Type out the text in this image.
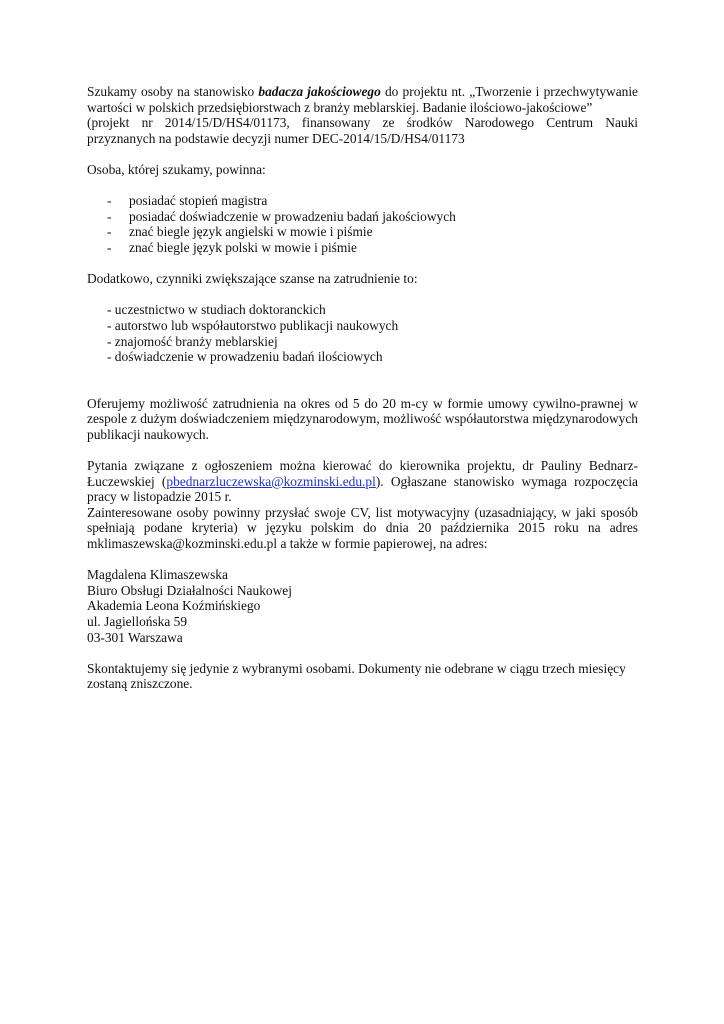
Szukamy osoby na stanowisko badacza jakościowego do projektu nt. „Tworzenie i przechwytywanie wartości w polskich przedsiębiorstwach z branży meblarskiej. Badanie ilościowo-jakościowe”

(projekt nr 2014/15/D/HS4/01173, finansowany ze środków Narodowego Centrum Nauki przyznanych na podstawie decyzji numer DEC-2014/15/D/HS4/01173

Osoba, której szukamy, powinna:

- posiadać stopień magistra
- posiadać doświadczenie w prowadzeniu badań jakościowych
- znać biegle język angielski w mowie i piśmie
- znać biegle język polski w mowie i piśmie

Dodatkowo, czynniki zwiększające szanse na zatrudnienie to:

- uczestnictwo w studiach doktoranckich
- autorstwo lub współautorstwo publikacji naukowych
- znajomość branży meblarskiej
- doświadczenie w prowadzeniu badań ilościowych

Oferujemy możliwość zatrudnienia na okres od 5 do 20 m-cy w formie umowy cywilno-prawnej w zespole z dużym doświadczeniem międzynarodowym, możliwość współautorstwa międzynarodowych publikacji naukowych.

Pytania związane z ogłoszeniem można kierować do kierownika projektu, dr Pauliny Bednarz-Łuczewskiej (pbednarzluczewska@kozminski.edu.pl). Ogłaszane stanowisko wymaga rozpoczęcia pracy w listopadzie 2015 r.

Zainteresowane osoby powinny przysłać swoje CV, list motywacyjny (uzasadniający, w jaki sposób spełniają podane kryteria) w języku polskim do dnia 20 października 2015 roku na adres mklimaszewska@kozminski.edu.pl a także w formie papierowej, na adres:

Magdalena Klimaszewska
Biuro Obsługi Działalności Naukowej
Akademia Leona Koźmińskiego
ul. Jagiellońska 59
03-301 Warszawa

Skontaktujemy się jedynie z wybranymi osobami. Dokumenty nie odebrane w ciągu trzech miesięcy zostaną zniszczone.
